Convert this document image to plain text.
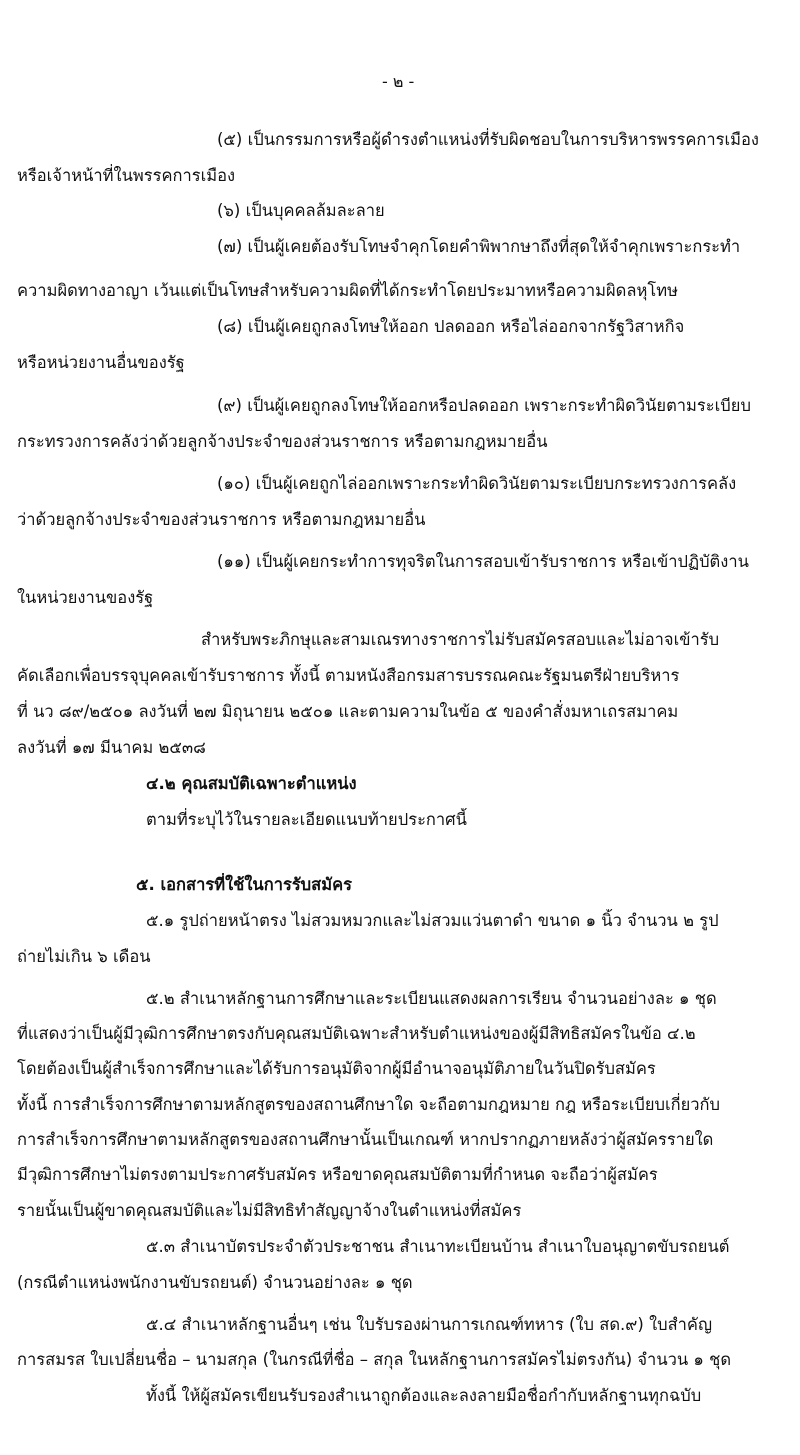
- ๒ -
(๕) เป็นกรรมการหรือผู้ดำรงตำแหน่งที่รับผิดชอบในการบริหารพรรคการเมือง
หรือเจ้าหน้าที่ในพรรคการเมือง
(๖) เป็นบุคคลล้มละลาย
(๗) เป็นผู้เคยต้องรับโทษจำคุกโดยคำพิพากษาถึงที่สุดให้จำคุกเพราะกระทำ
ความผิดทางอาญา เว้นแต่เป็นโทษสำหรับความผิดที่ได้กระทำโดยประมาทหรือความผิดลหุโทษ
(๘) เป็นผู้เคยถูกลงโทษให้ออก ปลดออก หรือไล่ออกจากรัฐวิสาหกิจ
หรือหน่วยงานอื่นของรัฐ
(๙) เป็นผู้เคยถูกลงโทษให้ออกหรือปลดออก เพราะกระทำผิดวินัยตามระเบียบ
กระทรวงการคลังว่าด้วยลูกจ้างประจำของส่วนราชการ หรือตามกฎหมายอื่น
(๑๐) เป็นผู้เคยถูกไล่ออกเพราะกระทำผิดวินัยตามระเบียบกระทรวงการคลัง
ว่าด้วยลูกจ้างประจำของส่วนราชการ หรือตามกฎหมายอื่น
(๑๑) เป็นผู้เคยกระทำการทุจริตในการสอบเข้ารับราชการ หรือเข้าปฏิบัติงาน
ในหน่วยงานของรัฐ
สำหรับพระภิกษุและสามเณรทางราชการไม่รับสมัครสอบและไม่อาจเข้ารับ
คัดเลือกเพื่อบรรจุบุคคลเข้ารับราชการ ทั้งนี้ ตามหนังสือกรมสารบรรณคณะรัฐมนตรีฝ่ายบริหาร
ที่ นว ๘๙/๒๕๐๑ ลงวันที่ ๒๗ มิถุนายน ๒๕๐๑ และตามความในข้อ ๕ ของคำสั่งมหาเถรสมาคม
ลงวันที่ ๑๗ มีนาคม ๒๕๓๘
๔.๒ คุณสมบัติเฉพาะตำแหน่ง
ตามที่ระบุไว้ในรายละเอียดแนบท้ายประกาศนี้
๕. เอกสารที่ใช้ในการรับสมัคร
๕.๑ รูปถ่ายหน้าตรง ไม่สวมหมวกและไม่สวมแว่นตาดำ ขนาด ๑ นิ้ว จำนวน ๒ รูป
ถ่ายไม่เกิน ๖ เดือน
๕.๒ สำเนาหลักฐานการศึกษาและระเบียนแสดงผลการเรียน จำนวนอย่างละ ๑ ชุด
ที่แสดงว่าเป็นผู้มีวุฒิการศึกษาตรงกับคุณสมบัติเฉพาะสำหรับตำแหน่งของผู้มีสิทธิสมัครในข้อ ๔.๒
โดยต้องเป็นผู้สำเร็จการศึกษาและได้รับการอนุมัติจากผู้มีอำนาจอนุมัติภายในวันปิดรับสมัคร
ทั้งนี้ การสำเร็จการศึกษาตามหลักสูตรของสถานศึกษาใด จะถือตามกฎหมาย กฎ หรือระเบียบเกี่ยวกับ
การสำเร็จการศึกษาตามหลักสูตรของสถานศึกษานั้นเป็นเกณฑ์ หากปรากฏภายหลังว่าผู้สมัครรายใด
มีวุฒิการศึกษาไม่ตรงตามประกาศรับสมัคร หรือขาดคุณสมบัติตามที่กำหนด จะถือว่าผู้สมัคร
รายนั้นเป็นผู้ขาดคุณสมบัติและไม่มีสิทธิทำสัญญาจ้างในตำแหน่งที่สมัคร
๕.๓ สำเนาบัตรประจำตัวประชาชน สำเนาทะเบียนบ้าน สำเนาใบอนุญาตขับรถยนต์
(กรณีตำแหน่งพนักงานขับรถยนต์) จำนวนอย่างละ ๑ ชุด
๕.๔ สำเนาหลักฐานอื่นๆ เช่น ใบรับรองผ่านการเกณฑ์ทหาร (ใบ สด.๙) ใบสำคัญ
การสมรส ใบเปลี่ยนชื่อ – นามสกุล (ในกรณีที่ชื่อ – สกุล ในหลักฐานการสมัครไม่ตรงกัน) จำนวน ๑ ชุด
ทั้งนี้ ให้ผู้สมัครเขียนรับรองสำเนาถูกต้องและลงลายมือชื่อกำกับหลักฐานทุกฉบับ
